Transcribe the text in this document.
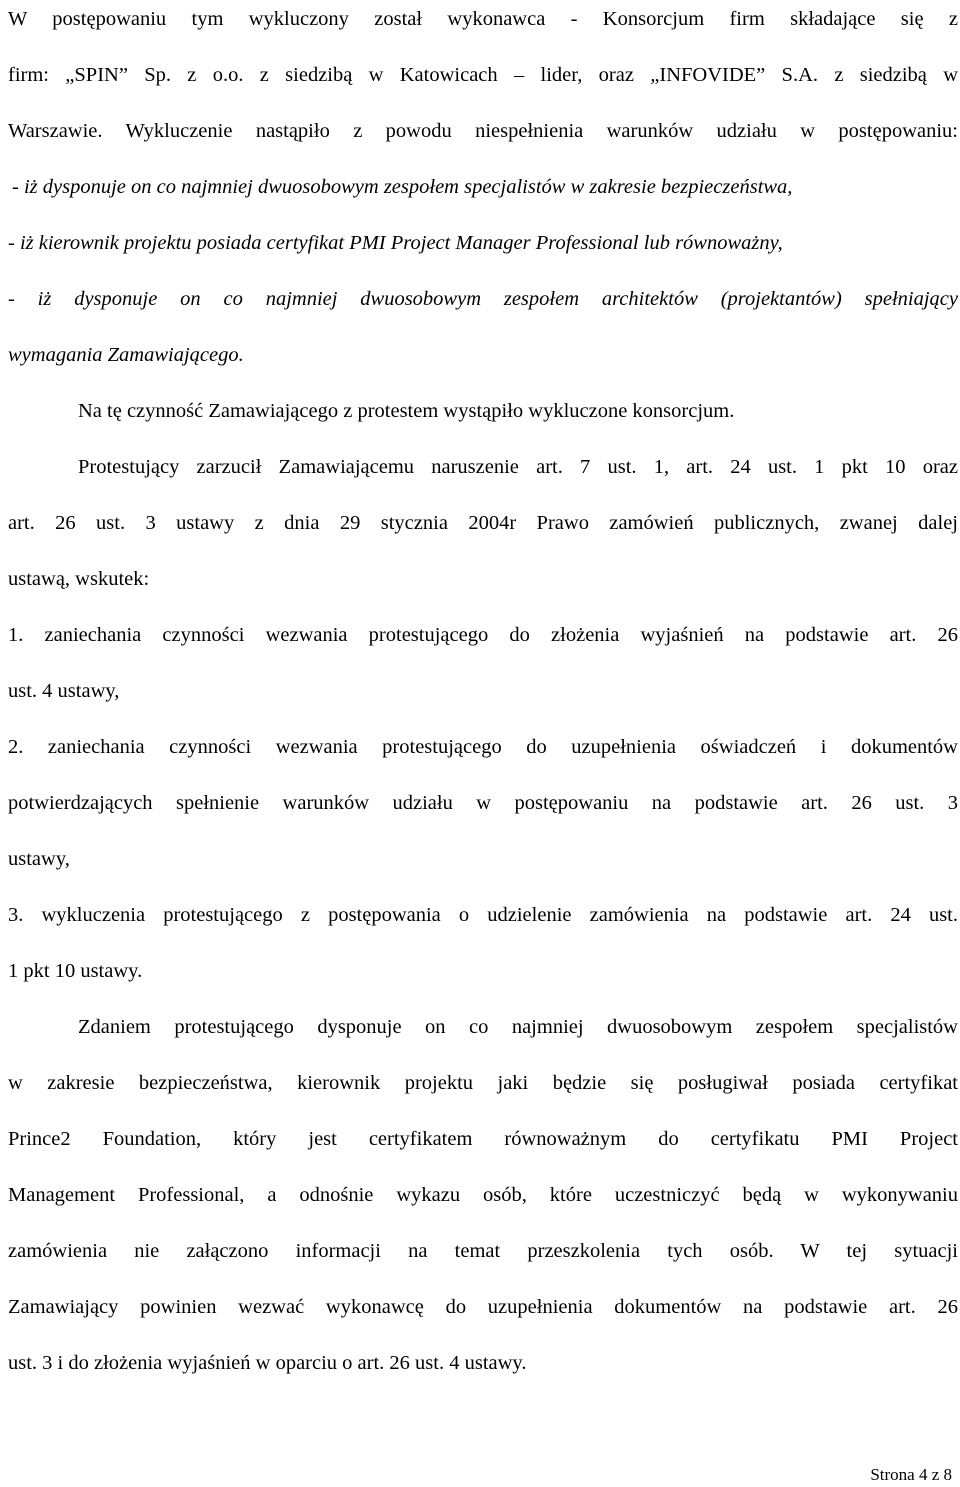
W postępowaniu tym wykluczony został wykonawca - Konsorcjum firm składające się z
firm: „SPIN” Sp. z o.o. z siedzibą w Katowicach – lider, oraz „INFOVIDE” S.A. z siedzibą w
Warszawie. Wykluczenie nastąpiło z powodu niespełnienia warunków udziału w postępowaniu:
- iż dysponuje on co najmniej dwuosobowym zespołem specjalistów w zakresie bezpieczeństwa,
- iż kierownik projektu posiada certyfikat PMI Project Manager Professional lub równoważny,
- iż dysponuje on co najmniej dwuosobowym zespołem architektów (projektantów) spełniający
wymagania Zamawiającego.
Na tę czynność Zamawiającego z protestem wystąpiło wykluczone konsorcjum.
Protestujący zarzucił Zamawiającemu naruszenie art. 7 ust. 1, art. 24 ust. 1 pkt 10 oraz
art. 26 ust. 3 ustawy z dnia 29 stycznia 2004r Prawo zamówień publicznych, zwanej dalej
ustawą, wskutek:
1. zaniechania czynności wezwania protestującego do złożenia wyjaśnień na podstawie art. 26
ust. 4 ustawy,
2. zaniechania czynności wezwania protestującego do uzupełnienia oświadczeń i dokumentów
potwierdzających spełnienie warunków udziału w postępowaniu na podstawie art. 26 ust. 3
ustawy,
3. wykluczenia protestującego z postępowania o udzielenie zamówienia na podstawie art. 24 ust.
1 pkt 10 ustawy.
Zdaniem protestującego dysponuje on co najmniej dwuosobowym zespołem specjalistów
w zakresie bezpieczeństwa, kierownik projektu jaki będzie się posługiwał posiada certyfikat
Prince2 Foundation, który jest certyfikatem równoważnym do certyfikatu PMI Project
Management Professional, a odnośnie wykazu osób, które uczestniczyć będą w wykonywaniu
zamówienia nie załączono informacji na temat przeszkolenia tych osób. W tej sytuacji
Zamawiający powinien wezwać wykonawcę do uzupełnienia dokumentów na podstawie art. 26
ust. 3 i do złożenia wyjaśnień w oparciu o art. 26 ust. 4 ustawy.
Strona 4 z 8
